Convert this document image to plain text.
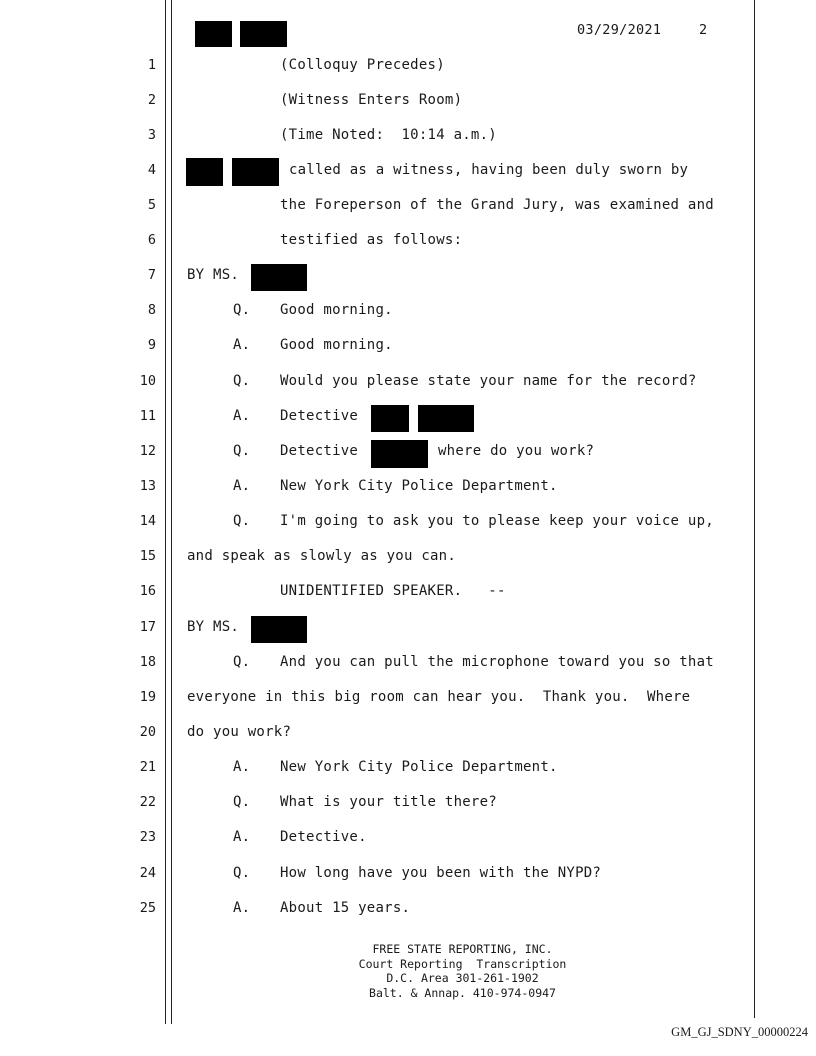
03/29/2021	2
1
2
3
4
5
6
7
8
9
10
11
12
13
14
15
16
17
18
19
20
21
22
23
24
25
(Colloquy Precedes)
(Witness Enters Room)
(Time Noted:  10:14 a.m.)
called as a witness, having been duly sworn by
the Foreperson of the Grand Jury, was examined and
testified as follows:
BY MS.
Q. Good morning.
A. Good morning.
Q. Would you please state your name for the record?
A. Detective
Q. Detective	where do you work?
A. New York City Police Department.
Q. I'm going to ask you to please keep your voice up,
and speak as slowly as you can.
UNIDENTIFIED SPEAKER.   --
BY MS.
Q. And you can pull the microphone toward you so that
everyone in this big room can hear you.  Thank you.  Where
do you work?
A. New York City Police Department.
Q. What is your title there?
A. Detective.
Q. How long have you been with the NYPD?
A. About 15 years.
FREE STATE REPORTING, INC.
Court Reporting  Transcription
D.C. Area 301-261-1902
Balt. & Annap. 410-974-0947
GM_GJ_SDNY_00000224
